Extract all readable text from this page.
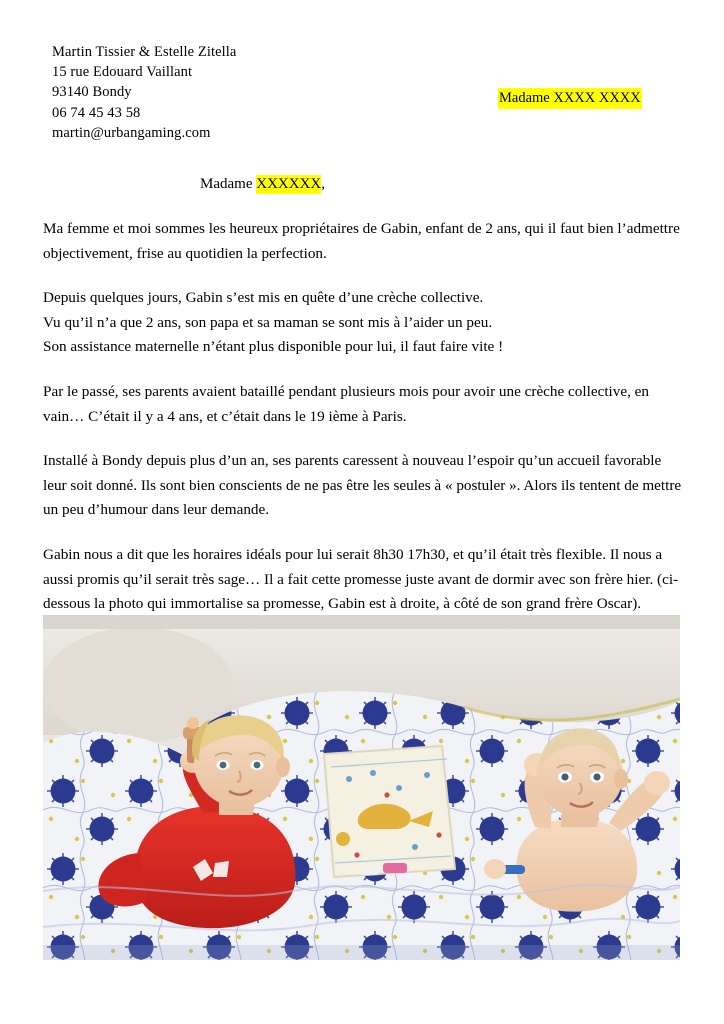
Martin Tissier & Estelle Zitella
15 rue Edouard Vaillant
93140 Bondy
06 74 45 43 58
martin@urbangaming.com
Madame XXXX XXXX
Madame XXXXXX,

Ma femme et moi sommes les heureux propriétaires de Gabin, enfant de 2 ans, qui il faut bien l’admettre objectivement, frise au quotidien la perfection.

Depuis quelques jours, Gabin s’est mis en quête d’une crèche collective.

Vu qu’il n’a que 2 ans, son papa et sa maman se sont mis à l’aider un peu.

Son assistance maternelle n’étant plus disponible pour lui, il faut faire vite !

Par le passé, ses parents avaient bataillé pendant plusieurs mois pour avoir une crèche collective, en vain… C’était il y a 4 ans, et c’était dans le 19 ième à Paris.

Installé à Bondy depuis plus d’un an, ses parents caressent à nouveau l’espoir qu’un accueil favorable leur soit donné. Ils sont bien conscients de ne pas être les seules à « postuler ». Alors ils tentent de mettre un peu d’humour dans leur demande.

Gabin nous a dit que les horaires idéals pour lui serait 8h30 17h30, et qu’il était très flexible. Il nous a aussi promis qu’il serait très sage… Il a fait cette promesse juste avant de dormir avec son frère hier. (ci-dessous la photo qui immortalise sa promesse, Gabin est à droite, à côté de son grand frère Oscar).
